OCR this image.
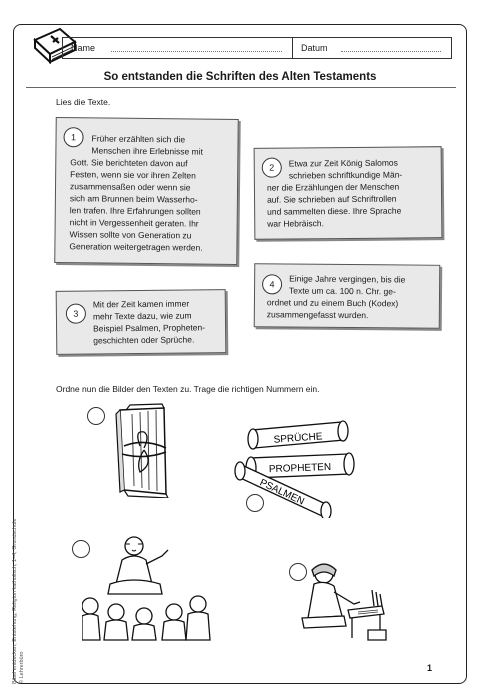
Name	Datum
So entstanden die Schriften des Alten Testaments
Lies die Texte.
1	Früher erzählten sich die
Menschen ihre Erlebnisse mit
Gott. Sie berichteten davon auf
Festen, wenn sie vor ihren Zelten
zusammensaßen oder wenn sie
sich am Brunnen beim Wasserho-
len trafen. Ihre Erfahrungen sollten
nicht in Vergessenheit geraten. Ihr
Wissen sollte von Generation zu
Generation weitergetragen werden.
2	Etwa zur Zeit König Salomos
schrieben schriftkundige Män-
ner die Erzählungen der Menschen
auf. Sie schrieben auf Schriftrollen
und sammelten diese. Ihre Sprache
war Hebräisch.
4	Einige Jahre vergingen, bis die
Texte um ca. 100 n. Chr. ge-
ordnet und zu einem Buch (Kodex)
zusammengefasst wurden.
3
Mit der Zeit kamen immer
mehr Texte dazu, wie zum
Beispiel Psalmen, Propheten-
geschichten oder Sprüche.
Ordne nun die Bilder den Texten zu. Trage die richtigen Nummern ein.
SPRÜCHE
PROPHETEN
PSALMEN
Bibel entdecken, Entstehung, Religion katholisch, 1–4, Grundschule
© Lehrerbüro	1
